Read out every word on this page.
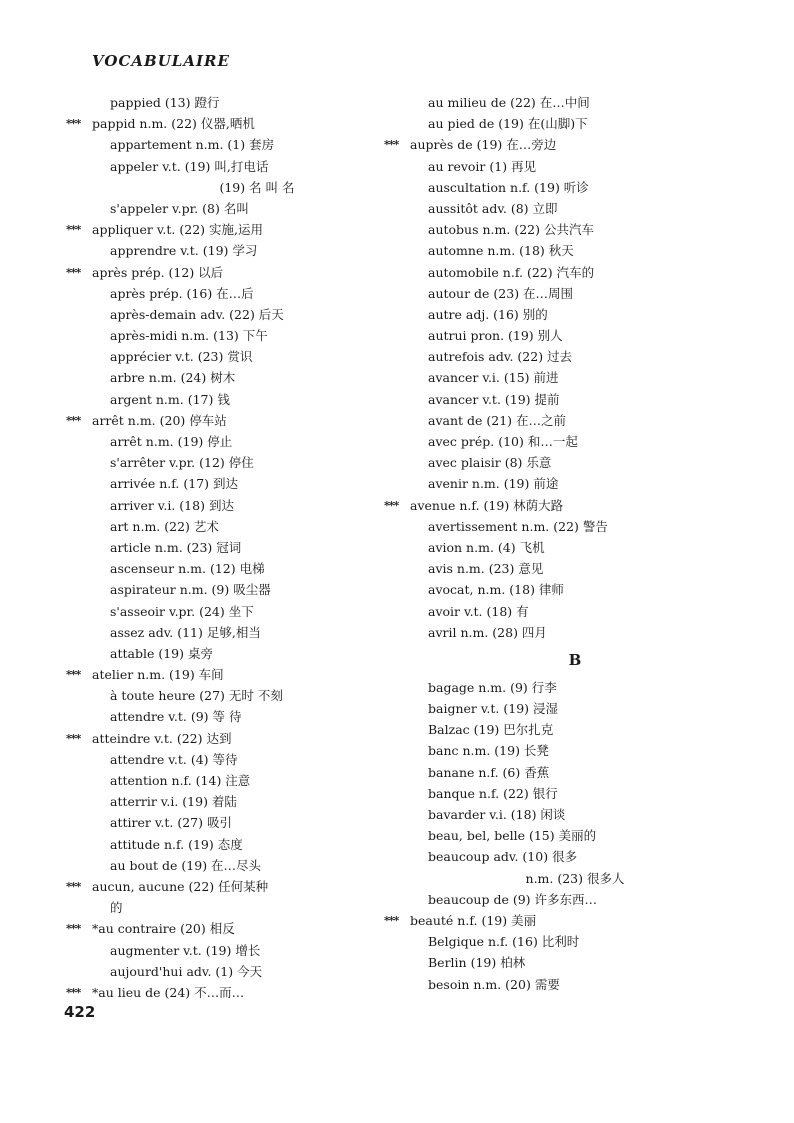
VOCABULAIRE
pappied (13) 蹬行
*** pappid n.m. (22) 仪器,晒机
appartement n.m. (1) 套房
appeler v.t. (19) 叫,打电话
(19) 名 叫 名
s'appeler v.pr. (8) 名叫
*** appliquer v.t. (22) 实施,运用
apprendre v.t. (19) 学习
*** après prép. (12) 以后
après prép. (16) 在…后
après-demain adv. (22) 后天
après-midi n.m. (13) 下午
apprécier v.t. (23) 赏识
arbre n.m. (24) 树木
argent n.m. (17) 钱
*** arrêt n.m. (20) 停车站
arrêt n.m. (19) 停止
s'arrêter v.pr. (12) 停住
arrivée n.f. (17) 到达
arriver v.i. (18) 到达
art n.m. (22) 艺术
article n.m. (23) 冠词
ascenseur n.m. (12) 电梯
aspirateur n.m. (9) 吸尘器
s'asseoir v.pr. (24) 坐下
assez adv. (11) 足够,相当
attable (19) 桌旁
*** atelier n.m. (19) 车间
à toute heure (27) 无时 不刻
attendre v.t. (9) 等 待
*** atteindre v.t. (22) 达到
attendre v.t. (4) 等待
attention n.f. (14) 注意
atterrir v.i. (19) 着陆
attirer v.t. (27) 吸引
attitude n.f. (19) 态度
au bout de (19) 在…尽头
*** aucun, aucune (22) 任何某种
的
*** *au contraire (20) 相反
augmenter v.t. (19) 增长
aujourd'hui adv. (1) 今天
*** *au lieu de (24) 不…而…
au milieu de (22) 在…中间
au pied de (19) 在(山脚)下
*** auprès de (19) 在…旁边
au revoir (1) 再见
auscultation n.f. (19) 听诊
aussitôt adv. (8) 立即
autobus n.m. (22) 公共汽车
automne n.m. (18) 秋天
automobile n.f. (22) 汽车的
autour de (23) 在…周围
autre adj. (16) 别的
autrui pron. (19) 别人
autrefois adv. (22) 过去
avancer v.i. (15) 前进
avancer v.t. (19) 提前
avant de (21) 在…之前
avec prép. (10) 和…一起
avec plaisir (8) 乐意
avenir n.m. (19) 前途
*** avenue n.f. (19) 林荫大路
avertissement n.m. (22) 警告
avion n.m. (4) 飞机
avis n.m. (23) 意见
avocat, n.m. (18) 律师
avoir v.t. (18) 有
avril n.m. (28) 四月
B
bagage n.m. (9) 行李
baigner v.t. (19) 浸湿
Balzac (19) 巴尔扎克
banc n.m. (19) 长凳
banane n.f. (6) 香蕉
banque n.f. (22) 银行
bavarder v.i. (18) 闲谈
beau, bel, belle (15) 美丽的
beaucoup adv. (10) 很多
n.m. (23) 很多人
beaucoup de (9) 许多东西…
*** beauté n.f. (19) 美丽
Belgique n.f. (16) 比利时
Berlin (19) 柏林
besoin n.m. (20) 需要
422
